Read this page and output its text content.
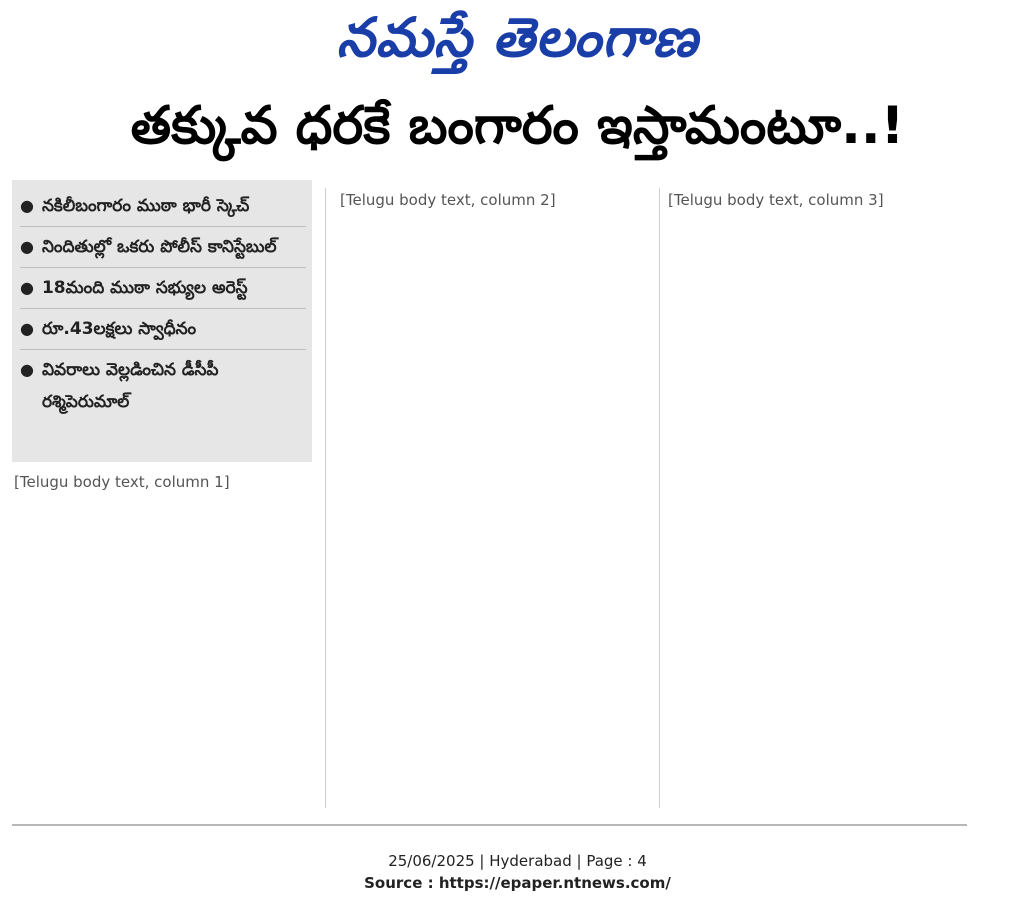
నమస్తే తెలంగాణ
తక్కువ ధరకే బంగారం ఇస్తామంటూ..!
● నకిలీబంగారం ముఠా భారీ స్కెచ్
● నిందితుల్లో ఒకరు పోలీస్ కానిస్టేబుల్
● 18మంది ముఠా సభ్యుల అరెస్ట్
● రూ.43లక్షలు స్వాధీనం
● వివరాలు వెల్లడించిన డీసీపీ రశ్మిపెరుమాల్
[Telugu body text, column 1]
[Telugu body text, column 2]	[Telugu body text, column 3]
25/06/2025 | Hyderabad | Page : 4
Source : https://epaper.ntnews.com/
